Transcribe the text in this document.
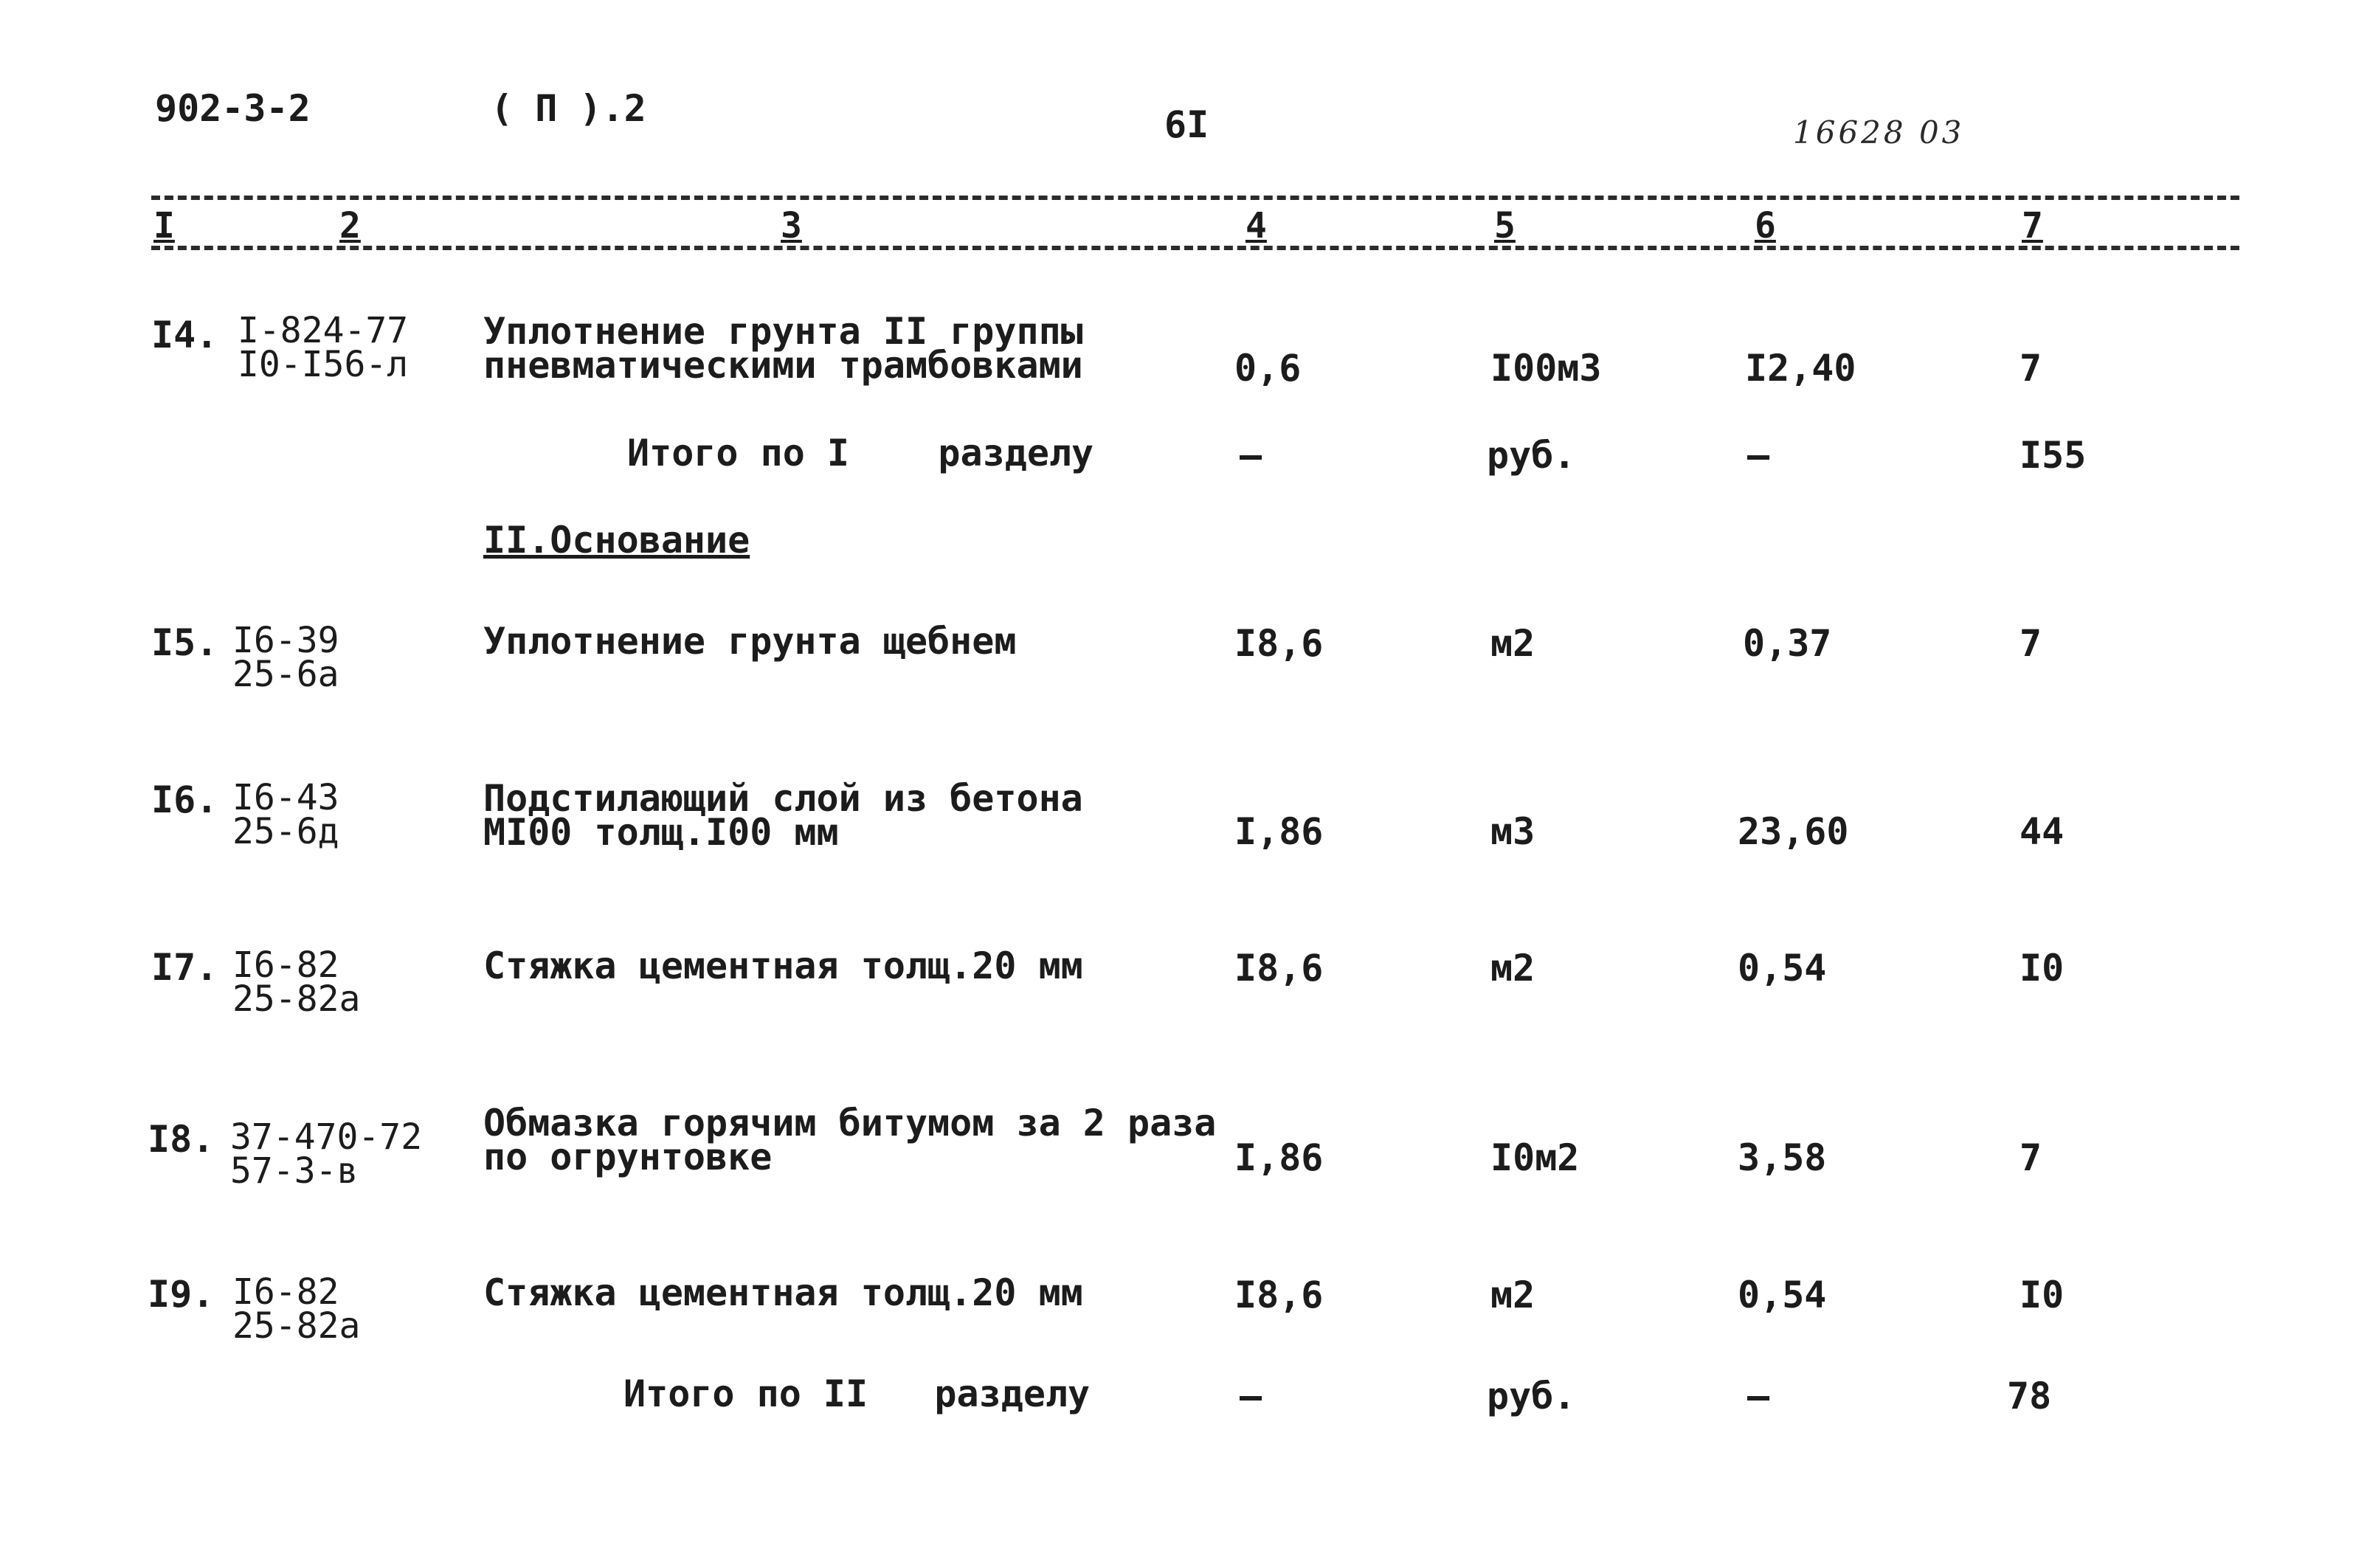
902-3-2	( П ).2	6I	16628 03
I	2	3	4	5	6	7
I4. I-824-77
I0-I56-л
Уплотнение грунта II группы
пневматическими трамбовками	0,6	I00м3	I2,40	7
Итого по I    разделу	–	руб.	–	I55
II.Основание
I5. I6-39
25-6а
Уплотнение грунта щебнем	I8,6	м2	0,37	7
I6. I6-43
25-6д
Подстилающий слой из бетона
МI00 толщ.I00 мм	I,86	м3	23,60	44
I7. I6-82
25-82а
Стяжка цементная толщ.20 мм	I8,6	м2	0,54	I0
I8. 37-470-72
57-3-в
Обмазка горячим битумом за 2 раза
по огрунтовке	I,86	I0м2	3,58	7
I9. I6-82
25-82а
Стяжка цементная толщ.20 мм	I8,6	м2	0,54	I0
Итого по II   разделу	–	руб.	–	78
